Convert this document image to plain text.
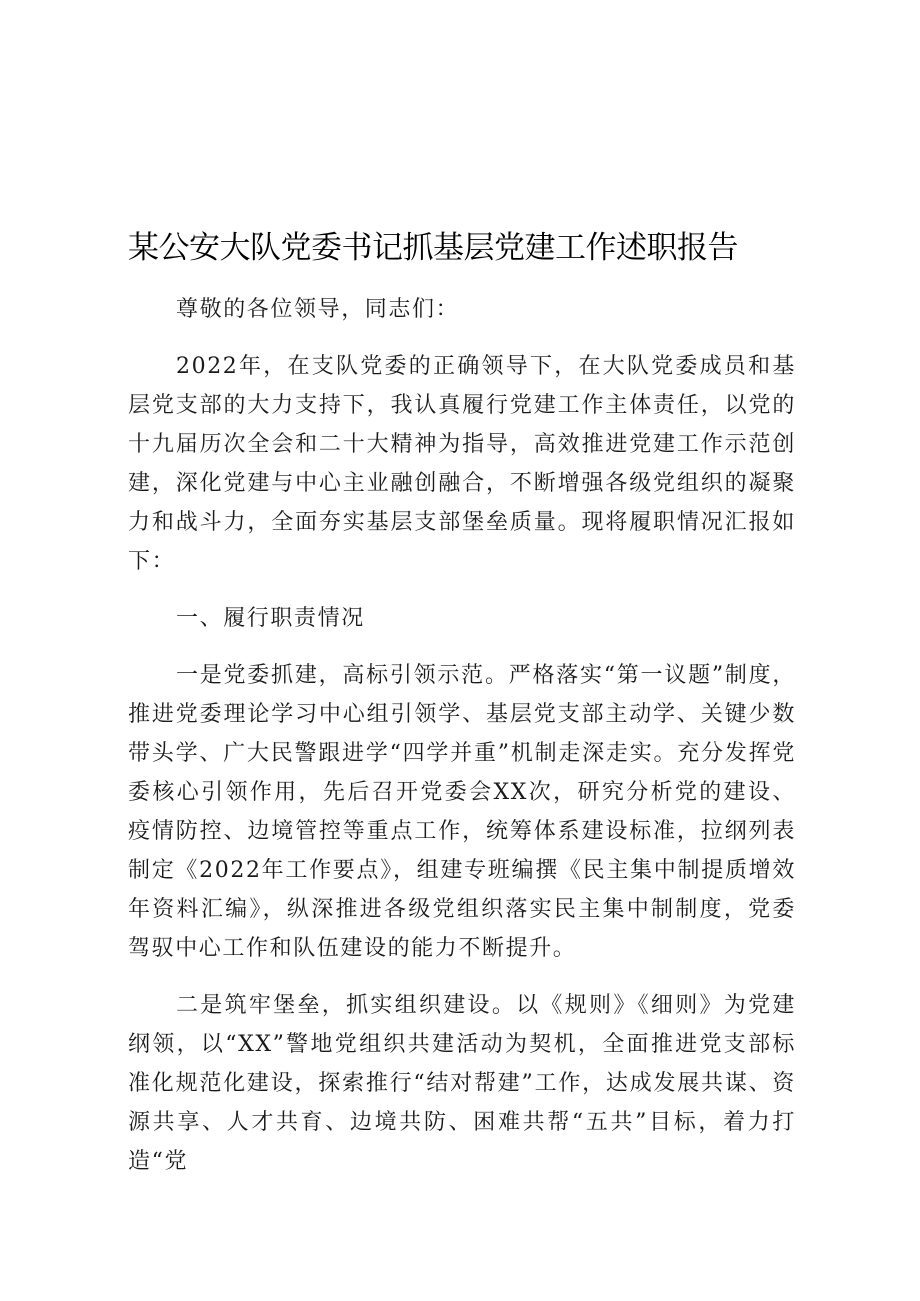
某公安大队党委书记抓基层党建工作述职报告

尊敬的各位领导，同志们：

2022年，在支队党委的正确领导下，在大队党委成员和基层党支部的大力支持下，我认真履行党建工作主体责任，以党的十九届历次全会和二十大精神为指导，高效推进党建工作示范创建，深化党建与中心主业融创融合，不断增强各级党组织的凝聚力和战斗力，全面夯实基层支部堡垒质量。现将履职情况汇报如下：

一、履行职责情况

一是党委抓建，高标引领示范。严格落实“第一议题”制度，推进党委理论学习中心组引领学、基层党支部主动学、关键少数带头学、广大民警跟进学“四学并重”机制走深走实。充分发挥党委核心引领作用，先后召开党委会XX次，研究分析党的建设、疫情防控、边境管控等重点工作，统筹体系建设标准，拉纲列表制定《2022年工作要点》，组建专班编撰《民主集中制提质增效年资料汇编》，纵深推进各级党组织落实民主集中制制度，党委驾驭中心工作和队伍建设的能力不断提升。

二是筑牢堡垒，抓实组织建设。以《规则》《细则》为党建纲领，以“XX”警地党组织共建活动为契机，全面推进党支部标准化规范化建设，探索推行“结对帮建”工作，达成发展共谋、资源共享、人才共育、边境共防、困难共帮“五共”目标，着力打造“党
